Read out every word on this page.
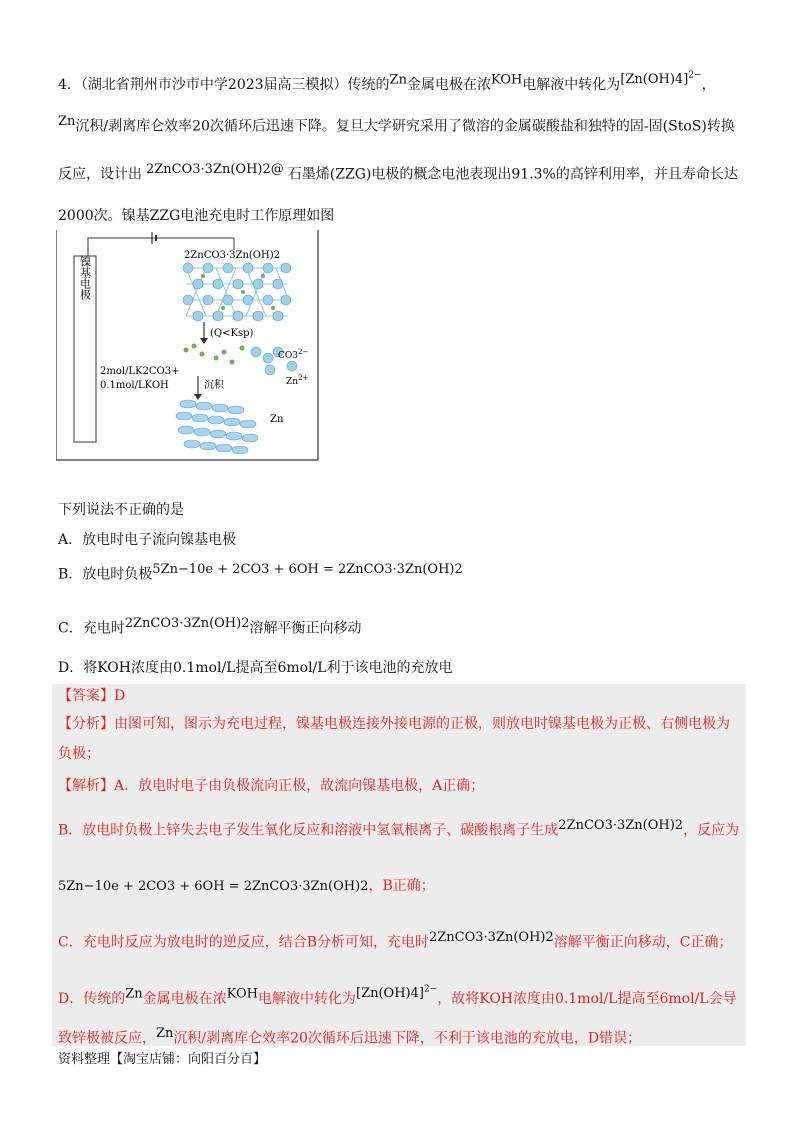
4．（湖北省荆州市沙市中学2023届高三模拟）传统的$^{Zn}$金属电极在浓$^{KOH}$电解液中转化为$^{[Zn(OH)4]^{2-}}$，
$^{Zn}$沉积/剥离库仑效率20次循环后迅速下降。复旦大学研究采用了微溶的金属碳酸盐和独特的固-固(StoS)转换
反应，设计出 $^{2ZnCO3\cdot 3Zn(OH)2@}$ 石墨烯(ZZG)电极的概念电池表现出91.3%的高锌利用率，并且寿命长达
2000次。镍基ZZG电池充电时工作原理如图
镍基电极
2ZnCO3·3Zn(OH)2
(Q<Ksp)
$CO3^{2-}$
$Zn^{2+}$
2mol/LK2CO3+
0.1mol/LKOH	沉积
Zn
下列说法不正确的是
A．放电时电子流向镍基电极
B．放电时负极$^{5Zn-10e + 2CO3 + 6OH = 2ZnCO3\cdot 3Zn(OH)2}$
C．充电时$^{2ZnCO3\cdot 3Zn(OH)2}$溶解平衡正向移动
D．将KOH浓度由0.1mol/L提高至6mol/L利于该电池的充放电
【答案】D
【分析】由图可知，图示为充电过程，镍基电极连接外接电源的正极，则放电时镍基电极为正极、右侧电极为
负极；
【解析】A．放电时电子由负极流向正极，故流向镍基电极，A正确；
B．放电时负极上锌失去电子发生氧化反应和溶液中氢氧根离子、碳酸根离子生成$^{2ZnCO3\cdot 3Zn(OH)2}$，反应为
5Zn−10e + 2CO3 + 6OH = 2ZnCO3·3Zn(OH)2，B正确；
C．充电时反应为放电时的逆反应，结合B分析可知，充电时$^{2ZnCO3\cdot 3Zn(OH)2}$溶解平衡正向移动，C正确；
D．传统的$^{Zn}$金属电极在浓$^{KOH}$电解液中转化为$^{[Zn(OH)4]^{2-}}$，故将KOH浓度由0.1mol/L提高至6mol/L会导
致锌极被反应，$^{Zn}$沉积/剥离库仑效率20次循环后迅速下降，不利于该电池的充放电，D错误；
资料整理【淘宝店铺：向阳百分百】
